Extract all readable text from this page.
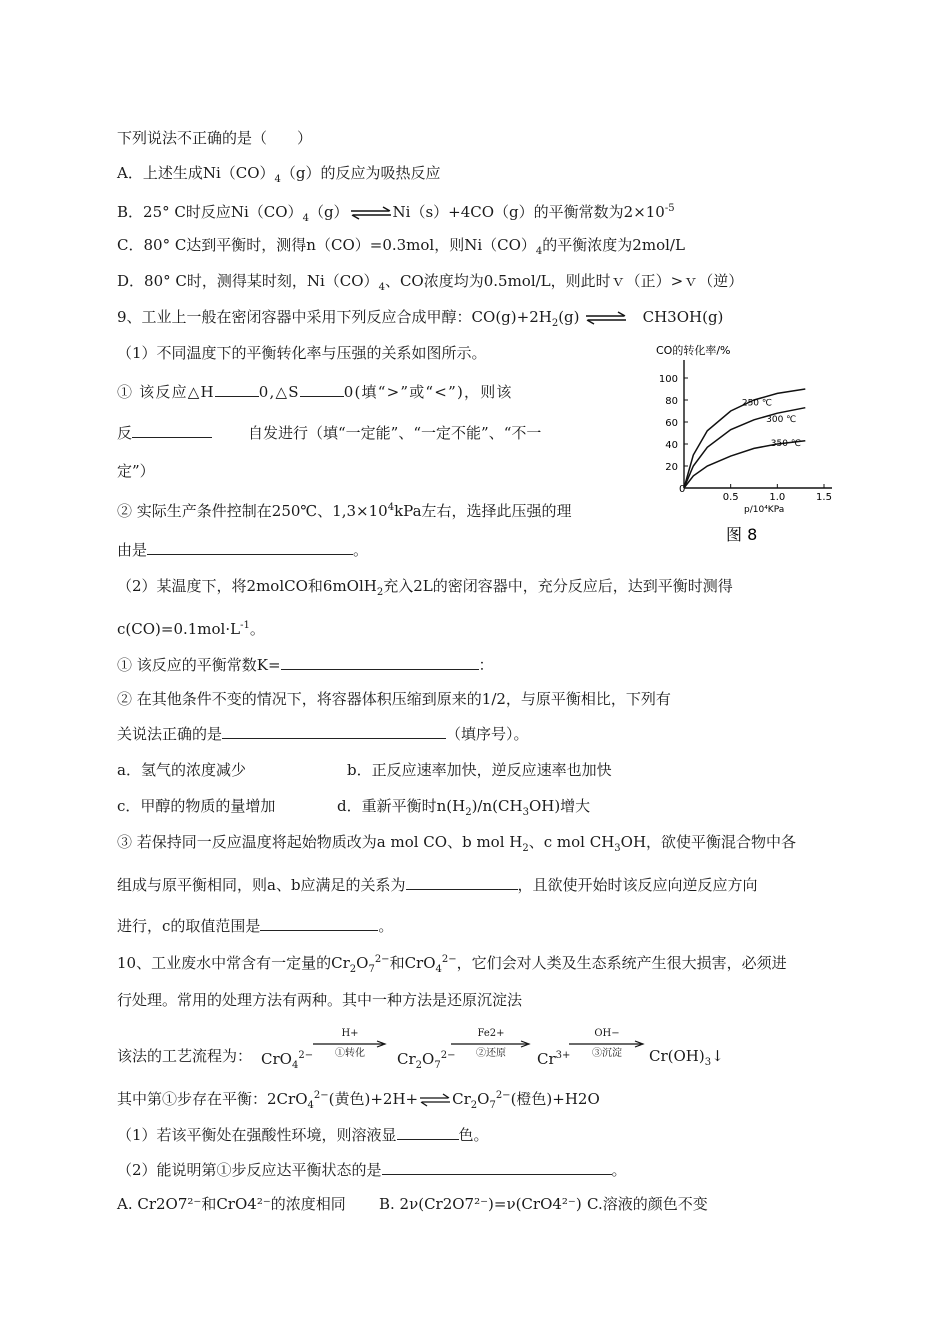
下列说法不正确的是（　　）
A．上述生成$Ni(CO)_4(g)$的反应为吸热反应
B．25° C时反应$Ni(CO)_4(g)\rightleftharpoons Ni(s)+4CO(g)$的平衡常数为$2\times 10^{-5}$
C．80° C达到平衡时，测得n（CO）=0.3mol，则$Ni(CO)_4$的平衡浓度为2mol/L
D．80° C时，测得某时刻，$Ni(CO)_4$、CO浓度均为0.5mol/L，则此时ｖ（正）>ｖ（逆）
9、工业上一般在密闭容器中采用下列反应合成甲醇：$CO(g)+2H_2(g)$ ⇌ CH3OH(g)
（1）不同温度下的平衡转化率与压强的关系如图所示。
① 该反应△H	0,△S	0(填“>”或“<”)，则该
反	自发进行（填“一定能”、“一定不能”、“不一
定”）
② 实际生产条件控制在250℃、$1,3\times 10^4kPa$左右，选择此压强的理
由是	。
（2）某温度下，将2molCO和6mOlH$_2$充入2L的密闭容器中，充分反应后，达到平衡时测得
$c(CO)=0.1mol\cdot L^{-1}$。
① 该反应的平衡常数K=	：
② 在其他条件不变的情况下，将容器体积压缩到原来的1/2，与原平衡相比，下列有
关说法正确的是	（填序号）。
a．氢气的浓度减少	b．正反应速率加快，逆反应速率也加快
c．甲醇的物质的量增加	d．重新平衡时$n(H_2)/n(CH_3OH)$增大
③ 若保持同一反应温度将起始物质改为a mol CO、b mol $H_2$、c mol $CH_3OH$，欲使平衡混合物中各
组成与原平衡相同，则a、b应满足的关系为	，且欲使开始时该反应向逆反应方向
进行，c的取值范围是	。
10、工业废水中常含有一定量的$Cr_2O_7^{2-}$和CrO$_4^{2-}$，它们会对人类及生态系统产生很大损害，必须进
行处理。常用的处理方法有两种。其中一种方法是还原沉淀法
该法的工艺流程为： CrO$_4^{2-}$
H+
①转化	$Cr_2O_7^{2-}$
Fe2+
②还原	$Cr^{3+}$
OH−
③沉淀	$Cr(OH)_3↓$
其中第①步存在平衡：2CrO$_4^{2-}$(黄色)$+2H+\rightleftharpoons Cr_2O_7^{2-}$(橙色)+H2O
（1）若该平衡处在强酸性环境，则溶液显	色。
（2）能说明第①步反应达平衡状态的是	。
A. Cr2O7²⁻和CrO4²⁻的浓度相同 B. 2ν(Cr2O7²⁻)=ν(CrO4²⁻) C.溶液的颜色不变
CO的转化率/%
p/10⁴KPa
图 8
0
100
80
60
40
20
0.5	1.0	1.5
250 ℃
300 ℃
350 ℃
